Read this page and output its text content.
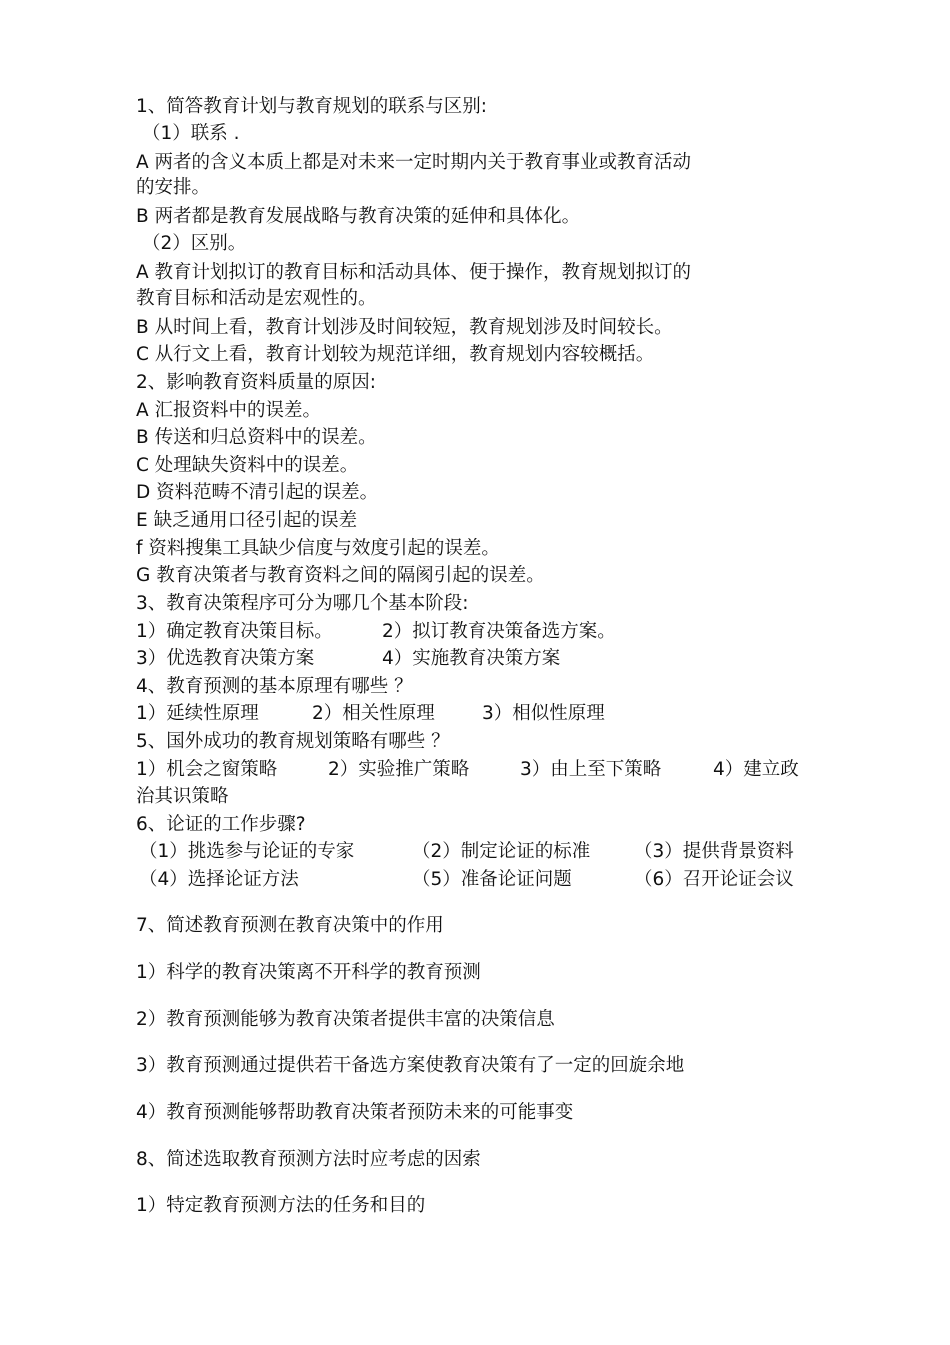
1、简答教育计划与教育规划的联系与区别:
（1）联系 .
A 两者的含义本质上都是对未来一定时期内关于教育事业或教育活动
的安排。
B 两者都是教育发展战略与教育决策的延伸和具体化。
（2）区别。
A 教育计划拟订的教育目标和活动具体、便于操作，教育规划拟订的
教育目标和活动是宏观性的。
B 从时间上看，教育计划涉及时间较短，教育规划涉及时间较长。
C 从行文上看，教育计划较为规范详细，教育规划内容较概括。
2、影响教育资料质量的原因:
A 汇报资料中的误差。
B 传送和归总资料中的误差。
C 处理缺失资料中的误差。
D 资料范畴不清引起的误差。
E 缺乏通用口径引起的误差
f 资料搜集工具缺少信度与效度引起的误差。
G 教育决策者与教育资料之间的隔阂引起的误差。
3、教育决策程序可分为哪几个基本阶段:
1）确定教育决策目标。	2）拟订教育决策备选方案。
3）优选教育决策方案	4）实施教育决策方案
4、教育预测的基本原理有哪些 ？
1）延续性原理	2）相关性原理	3）相似性原理
5、国外成功的教育规划策略有哪些 ？
1）机会之窗策略	2）实验推广策略	3）由上至下策略	4）建立政
治其识策略
6、论证的工作步骤?
（1）挑选参与论证的专家	（2）制定论证的标准 （3）提供背景资料
（4）选择论证方法	（5）准备论证问题	（6）召开论证会议
7、简述教育预测在教育决策中的作用
1）科学的教育决策离不开科学的教育预测
2）教育预测能够为教育决策者提供丰富的决策信息
3）教育预测通过提供若干备选方案使教育决策有了一定的回旋余地
4）教育预测能够帮助教育决策者预防未来的可能事变
8、简述选取教育预测方法时应考虑的因索
1）特定教育预测方法的任务和目的
